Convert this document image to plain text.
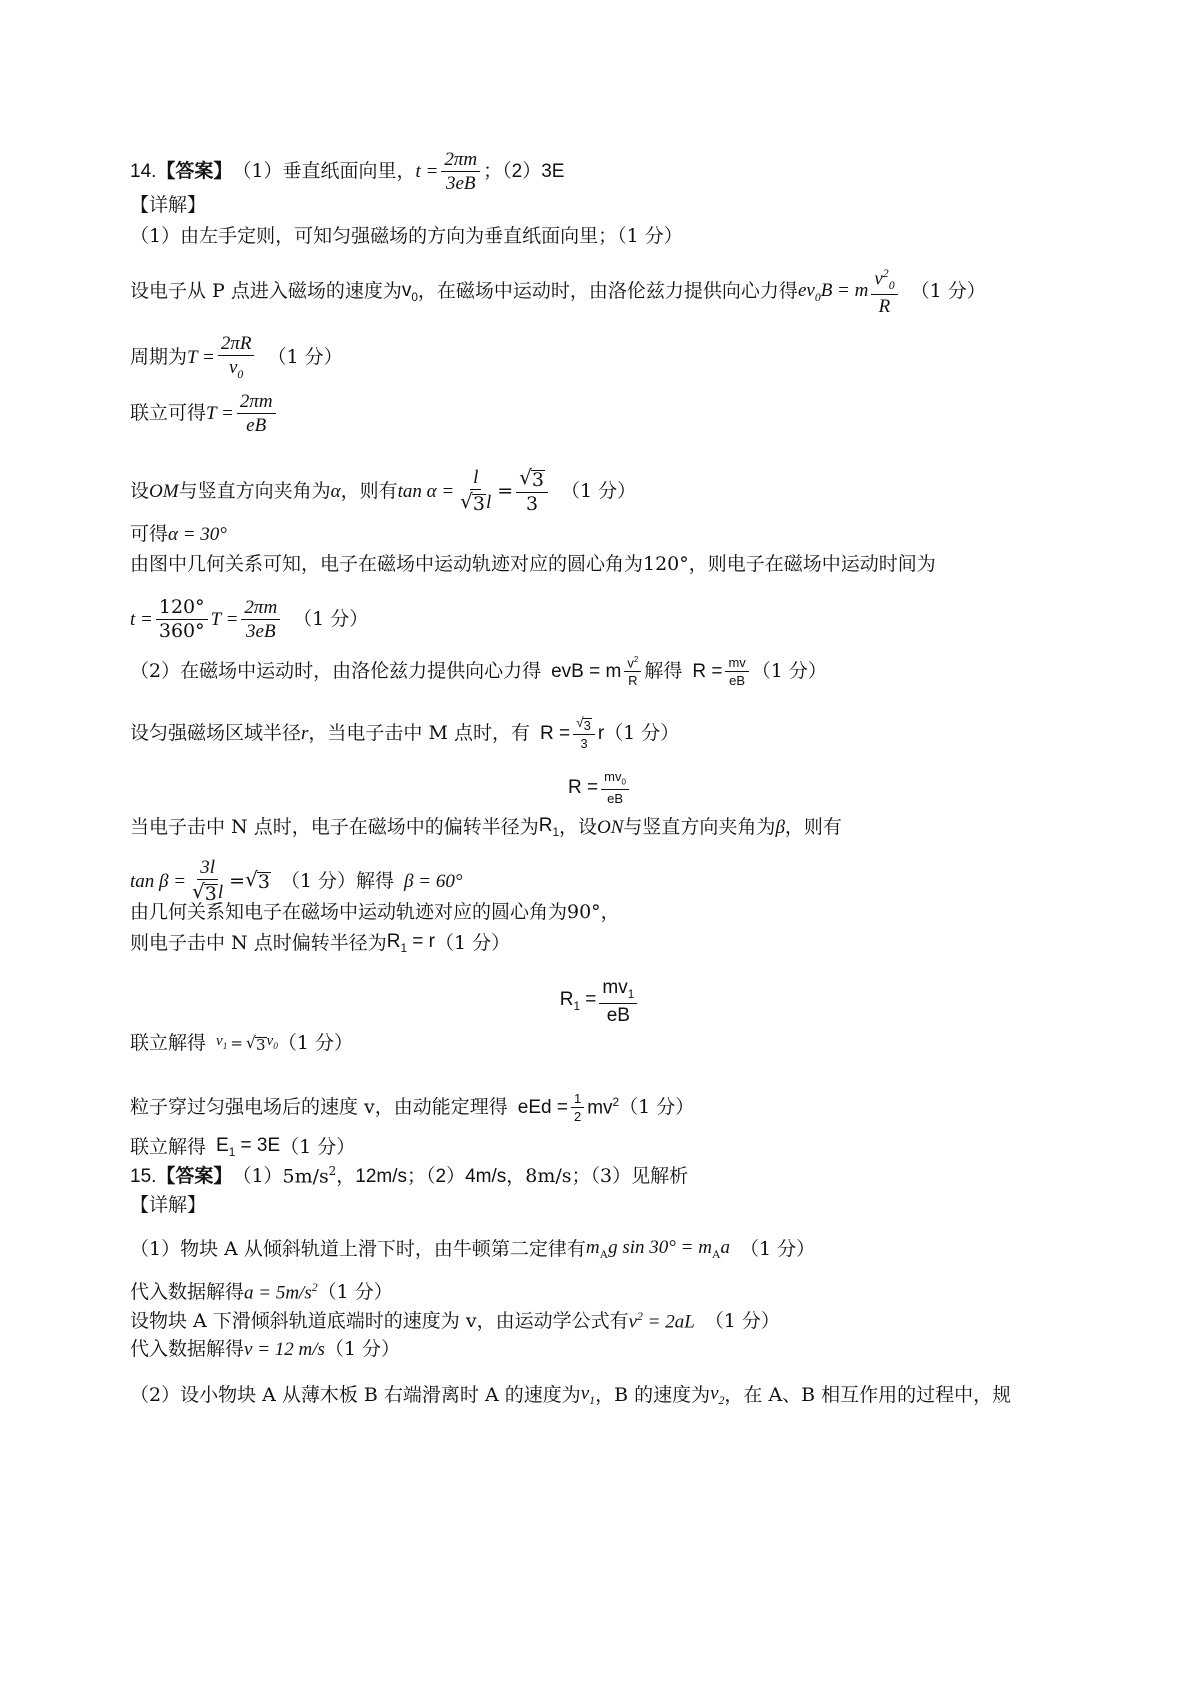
14. 【答案】 （1）垂直纸面向里， $t = \frac{2\pi m}{3eB}$ ；（2）3E
【详解】
（1）由左手定则，可知匀强磁场的方向为垂直纸面向里；（1 分）
设电子从 P 点进入磁场的速度为 $v_0$ ，在磁场中运动时，由洛伦兹力提供向心力得 $ev_0B = m \frac{v^2_0}{R} (1$ 分）
周期为 $T = \frac{2\pi R}{v_0} (1$ 分）
联立可得 $T = \frac{2\pi m}{eB}$
设 OM 与竖直方向夹角为 α ，则有 $\tan \alpha = \frac{l}{√ 3 l} = \frac{√ 3}{3} (1$ 分）
可得 α = 30°
由图中几何关系可知，电子在磁场中运动轨迹对应的圆心角为120°，则电子在磁场中运动时间为
$t = \frac{120^\circ}{360^\circ}$ $T = \frac{2\pi m}{3eB} (1$ 分）
（2）在磁场中运动时，由洛伦兹力提供向心力得 evB = m $\frac{v^2}{R}$ 解得 $R = \frac{mv}{eB} (1$ 分）
设匀强磁场区域半径 r ，当电子击中 M 点时，有 $R = \frac{√ 3}{3}$ r （1 分）
$R = \frac{mv_0}{eB}$
当电子击中 N 点时，电子在磁场中的偏转半径为 $R_1$ ，设 ON 与竖直方向夹角为 β ，则有
$\tan \beta = \frac{3l}{√ 3 l}$ = √ 3 （1 分）解得 β = 60°
由几何关系知电子在磁场中运动轨迹对应的圆心角为90°，
则电子击中 N 点时偏转半径为 $R_1 = r$ （1 分）
$R_1 = \frac{mv_1}{eB}$
联立解得 $v_1$ = √ 3 $v_0$ （1 分）
粒子穿过匀强电场后的速度 v，由动能定理得 eEd = $\frac{1}{2} mv^2$ （1 分）
联立解得 $E_1 = 3E$ （1 分）
15. 【答案】 （1） $5m/s^2$ ，12m/s；（2）4m/s， 8m/s ；（3）见解析
【详解】
（1）物块 A 从倾斜轨道上滑下时，由牛顿第二定律有 $m_Ag$ $\sin 30^\circ = m_Aa$ （1 分）
代入数据解得 $a = 5m/s^2$ （1 分）
设物块 A 下滑倾斜轨道底端时的速度为 v，由运动学公式有 $v^2 = 2aL$ （1 分）
代入数据解得 v = 12 m/s （1 分）
（2）设小物块 A 从薄木板 B 右端滑离时 A 的速度为 $v_1$ ，B 的速度为 $v_2$ ，在 A、B 相互作用的过程中，规
